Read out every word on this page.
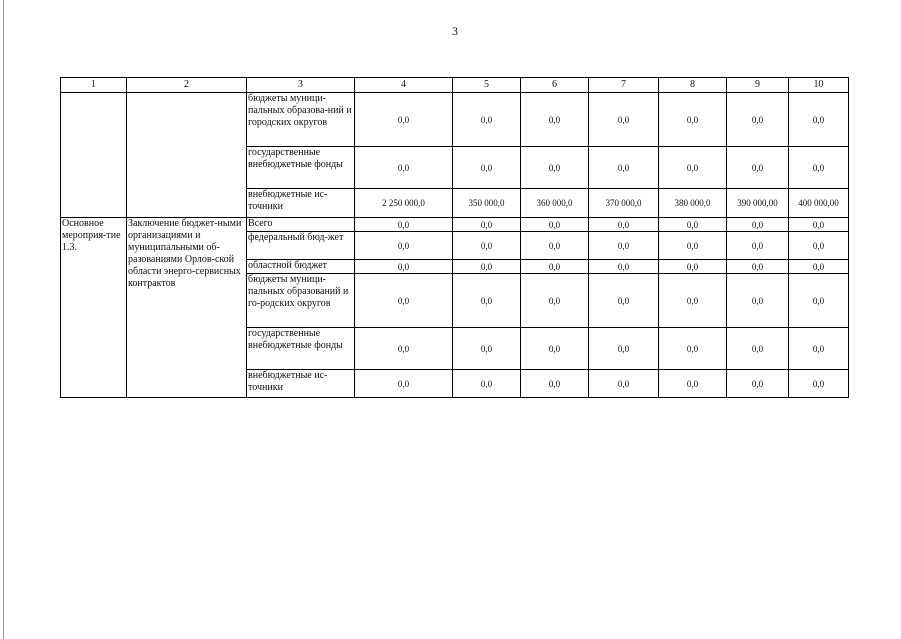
3
1	2	3	4	5	6	7	8	9	10
		бюджеты муници-пальных образова-ний и городских округов	0,0	0,0	0,0	0,0	0,0	0,0	0,0
		государственные внебюджетные фонды	0,0	0,0	0,0	0,0	0,0	0,0	0,0
		внебюджетные ис-точники	2 250 000,0	350 000,0	360 000,0	370 000,0	380 000,0	390 000,00	400 000,00
Основное мероприя-тие 1.3.	Заключение бюджет-ными организациями и муниципальными об-разованиями Орлов-ской области энерго-сервисных контрактов	Всего	0,0	0,0	0,0	0,0	0,0	0,0	0,0
		федеральный бюд-жет	0,0	0,0	0,0	0,0	0,0	0,0	0,0
		областной бюджет	0,0	0,0	0,0	0,0	0,0	0,0	0,0
		бюджеты муници-пальных образований и го-родских округов	0,0	0,0	0,0	0,0	0,0	0,0	0,0
		государственные внебюджетные фонды	0,0	0,0	0,0	0,0	0,0	0,0	0,0
		внебюджетные ис-точники	0,0	0,0	0,0	0,0	0,0	0,0	0,0
